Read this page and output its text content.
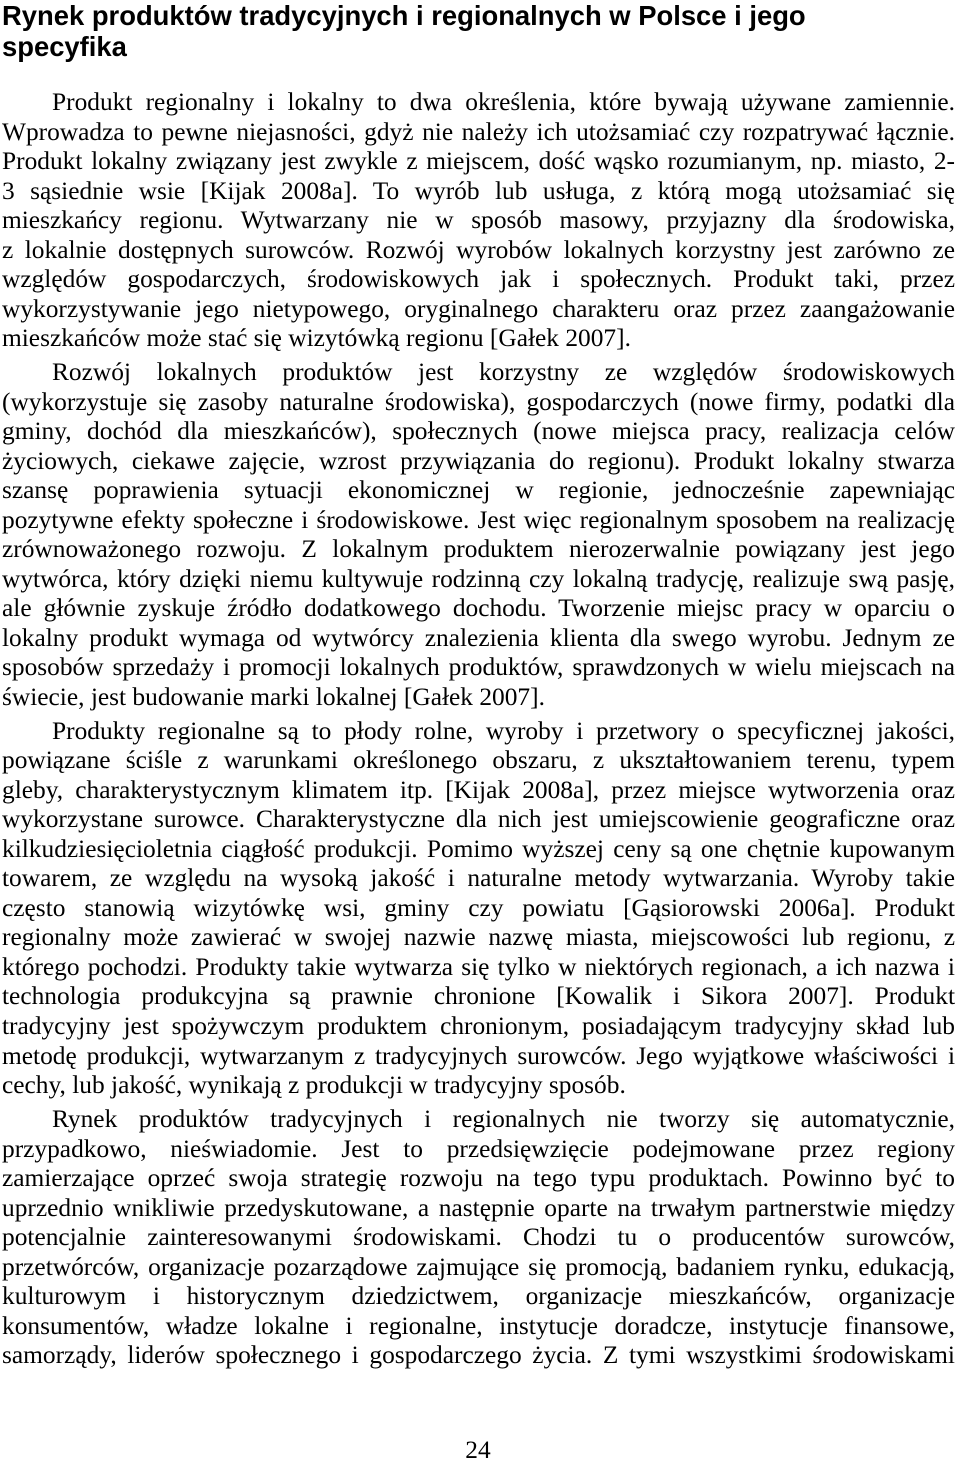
Rynek produktów tradycyjnych i regionalnych w Polsce i jego specyfika
Produkt regionalny i lokalny to dwa określenia, które bywają używane zamiennie.
Wprowadza to pewne niejasności, gdyż nie należy ich utożsamiać czy rozpatrywać łącznie.
Produkt lokalny związany jest zwykle z miejscem, dość wąsko rozumianym, np. miasto, 2-
3 sąsiednie wsie [Kijak 2008a]. To wyrób lub usługa, z którą mogą utożsamiać się
mieszkańcy regionu. Wytwarzany nie w sposób masowy, przyjazny dla środowiska,
z lokalnie dostępnych surowców. Rozwój wyrobów lokalnych korzystny jest zarówno ze
względów gospodarczych, środowiskowych jak i społecznych. Produkt taki, przez
wykorzystywanie jego nietypowego, oryginalnego charakteru oraz przez zaangażowanie
mieszkańców może stać się wizytówką regionu [Gałek 2007].
Rozwój lokalnych produktów jest korzystny ze względów środowiskowych
(wykorzystuje się zasoby naturalne środowiska), gospodarczych (nowe firmy, podatki dla
gminy, dochód dla mieszkańców), społecznych (nowe miejsca pracy, realizacja celów
życiowych, ciekawe zajęcie, wzrost przywiązania do regionu). Produkt lokalny stwarza
szansę poprawienia sytuacji ekonomicznej w regionie, jednocześnie zapewniając
pozytywne efekty społeczne i środowiskowe. Jest więc regionalnym sposobem na realizację
zrównoważonego rozwoju. Z lokalnym produktem nierozerwalnie powiązany jest jego
wytwórca, który dzięki niemu kultywuje rodzinną czy lokalną tradycję, realizuje swą pasję,
ale głównie zyskuje źródło dodatkowego dochodu. Tworzenie miejsc pracy w oparciu o
lokalny produkt wymaga od wytwórcy znalezienia klienta dla swego wyrobu. Jednym ze
sposobów sprzedaży i promocji lokalnych produktów, sprawdzonych w wielu miejscach na
świecie, jest budowanie marki lokalnej [Gałek 2007].
Produkty regionalne są to płody rolne, wyroby i przetwory o specyficznej jakości,
powiązane ściśle z warunkami określonego obszaru, z ukształtowaniem terenu, typem
gleby, charakterystycznym klimatem itp. [Kijak 2008a], przez miejsce wytworzenia oraz
wykorzystane surowce. Charakterystyczne dla nich jest umiejscowienie geograficzne oraz
kilkudziesięcioletnia ciągłość produkcji. Pomimo wyższej ceny są one chętnie kupowanym
towarem, ze względu na wysoką jakość i naturalne metody wytwarzania. Wyroby takie
często stanowią wizytówkę wsi, gminy czy powiatu [Gąsiorowski 2006a]. Produkt
regionalny może zawierać w swojej nazwie nazwę miasta, miejscowości lub regionu, z
którego pochodzi. Produkty takie wytwarza się tylko w niektórych regionach, a ich nazwa i
technologia produkcyjna są prawnie chronione [Kowalik i Sikora 2007]. Produkt
tradycyjny jest spożywczym produktem chronionym, posiadającym tradycyjny skład lub
metodę produkcji, wytwarzanym z tradycyjnych surowców. Jego wyjątkowe właściwości i
cechy, lub jakość, wynikają z produkcji w tradycyjny sposób.
Rynek produktów tradycyjnych i regionalnych nie tworzy się automatycznie,
przypadkowo, nieświadomie. Jest to przedsięwzięcie podejmowane przez regiony
zamierzające oprzeć swoja strategię rozwoju na tego typu produktach. Powinno być to
uprzednio wnikliwie przedyskutowane, a następnie oparte na trwałym partnerstwie między
potencjalnie zainteresowanymi środowiskami. Chodzi tu o producentów surowców,
przetwórców, organizacje pozarządowe zajmujące się promocją, badaniem rynku, edukacją,
kulturowym i historycznym dziedzictwem, organizacje mieszkańców, organizacje
konsumentów, władze lokalne i regionalne, instytucje doradcze, instytucje finansowe,
samorządy, liderów społecznego i gospodarczego życia. Z tymi wszystkimi środowiskami
24
